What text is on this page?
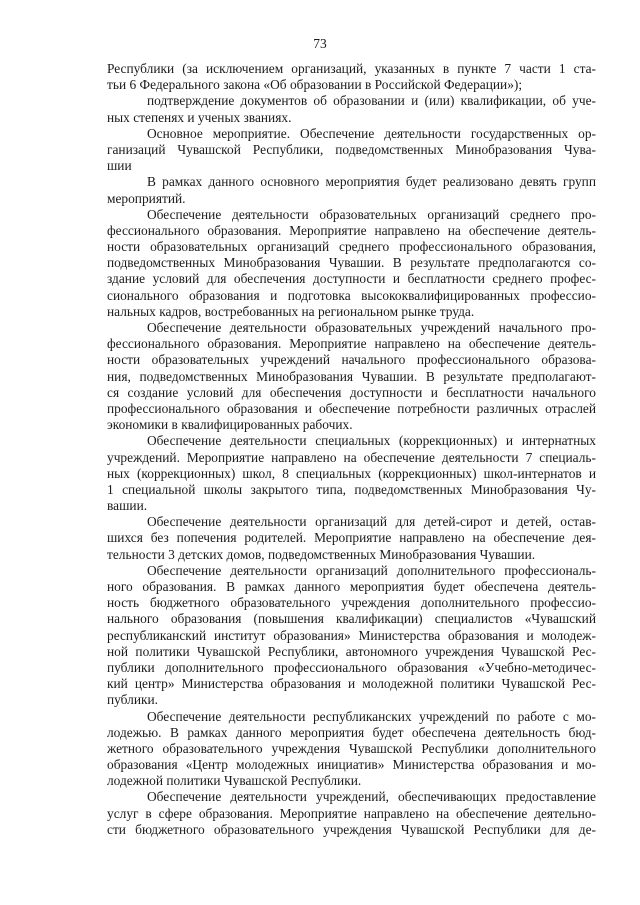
73
Республики (за исключением организаций, указанных в пункте 7 части 1 ста-
тьи 6 Федерального закона «Об образовании в Российской Федерации»);
подтверждение документов об образовании и (или) квалификации, об уче-
ных степенях и ученых званиях.
Основное мероприятие. Обеспечение деятельности государственных ор-
ганизаций Чувашской Республики, подведомственных Минобразования Чува-
шии
В рамках данного основного мероприятия будет реализовано девять групп
мероприятий.
Обеспечение деятельности образовательных организаций среднего про-
фессионального образования. Мероприятие направлено на обеспечение деятель-
ности образовательных организаций среднего профессионального образования,
подведомственных Минобразования Чувашии. В результате предполагаются со-
здание условий для обеспечения доступности и бесплатности среднего профес-
сионального образования и подготовка высококвалифицированных профессио-
нальных кадров, востребованных на региональном рынке труда.
Обеспечение деятельности образовательных учреждений начального про-
фессионального образования. Мероприятие направлено на обеспечение деятель-
ности образовательных учреждений начального профессионального образова-
ния, подведомственных Минобразования Чувашии. В результате предполагают-
ся создание условий для обеспечения доступности и бесплатности начального
профессионального образования и обеспечение потребности различных отраслей
экономики в квалифицированных рабочих.
Обеспечение деятельности специальных (коррекционных) и интернатных
учреждений. Мероприятие направлено на обеспечение деятельности 7 специаль-
ных (коррекционных) школ, 8 специальных (коррекционных) школ-интернатов и
1 специальной школы закрытого типа, подведомственных Минобразования Чу-
вашии.
Обеспечение деятельности организаций для детей-сирот и детей, остав-
шихся без попечения родителей. Мероприятие направлено на обеспечение дея-
тельности 3 детских домов, подведомственных Минобразования Чувашии.
Обеспечение деятельности организаций дополнительного профессиональ-
ного образования. В рамках данного мероприятия будет обеспечена деятель-
ность бюджетного образовательного учреждения дополнительного профессио-
нального образования (повышения квалификации) специалистов «Чувашский
республиканский институт образования» Министерства образования и молодеж-
ной политики Чувашской Республики, автономного учреждения Чувашской Рес-
публики дополнительного профессионального образования «Учебно-методичес-
кий центр» Министерства образования и молодежной политики Чувашской Рес-
публики.
Обеспечение деятельности республиканских учреждений по работе с мо-
лодежью. В рамках данного мероприятия будет обеспечена деятельность бюд-
жетного образовательного учреждения Чувашской Республики дополнительного
образования «Центр молодежных инициатив» Министерства образования и мо-
лодежной политики Чувашской Республики.
Обеспечение деятельности учреждений, обеспечивающих предоставление
услуг в сфере образования. Мероприятие направлено на обеспечение деятельно-
сти бюджетного образовательного учреждения Чувашской Республики для де-
